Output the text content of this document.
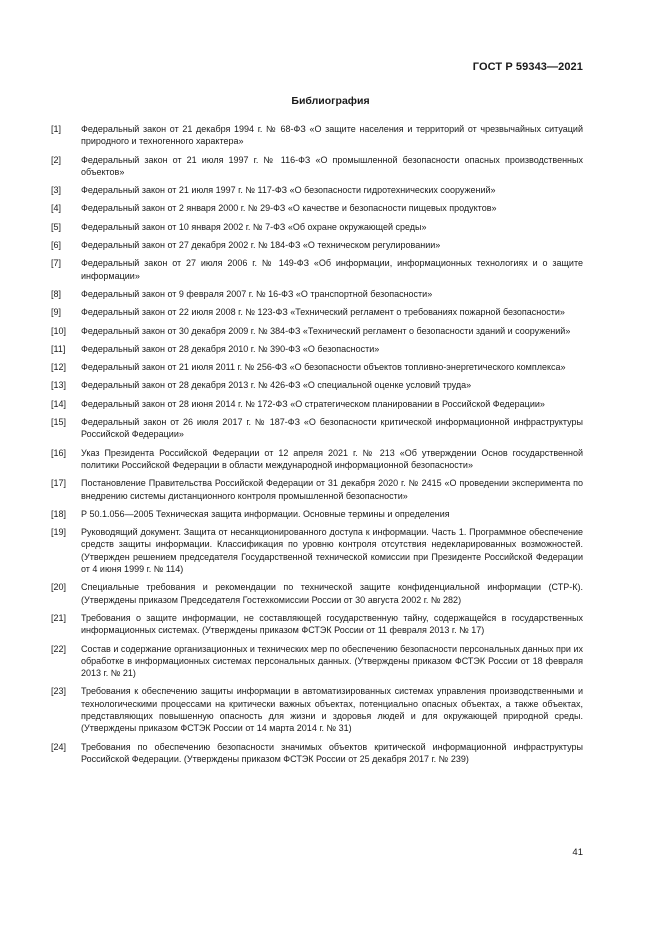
ГОСТ Р 59343—2021
Библиография
[1]	Федеральный закон от 21 декабря 1994 г. № 68-ФЗ «О защите населения и территорий от чрезвычайных ситуаций природного и техногенного характера»
[2]	Федеральный закон от 21 июля 1997 г. № 116-ФЗ «О промышленной безопасности опасных производственных объектов»
[3]	Федеральный закон от 21 июля 1997 г. № 117-ФЗ «О безопасности гидротехнических сооружений»
[4]	Федеральный закон от 2 января 2000 г. № 29-ФЗ «О качестве и безопасности пищевых продуктов»
[5]	Федеральный закон от 10 января 2002 г. № 7-ФЗ «Об охране окружающей среды»
[6]	Федеральный закон от 27 декабря 2002 г. № 184-ФЗ «О техническом регулировании»
[7]	Федеральный закон от 27 июля 2006 г. № 149-ФЗ «Об информации, информационных технологиях и о защите информации»
[8]	Федеральный закон от 9 февраля 2007 г. № 16-ФЗ «О транспортной безопасности»
[9]	Федеральный закон от 22 июля 2008 г. № 123-ФЗ «Технический регламент о требованиях пожарной безопасности»
[10]	Федеральный закон от 30 декабря 2009 г. № 384-ФЗ «Технический регламент о безопасности зданий и сооружений»
[11]	Федеральный закон от 28 декабря 2010 г. № 390-ФЗ «О безопасности»
[12]	Федеральный закон от 21 июля 2011 г. № 256-ФЗ «О безопасности объектов топливно-энергетического комплекса»
[13]	Федеральный закон от 28 декабря 2013 г. № 426-ФЗ «О специальной оценке условий труда»
[14]	Федеральный закон от 28 июня 2014 г. № 172-ФЗ «О стратегическом планировании в Российской Федерации»
[15]	Федеральный закон от 26 июля 2017 г. № 187-ФЗ «О безопасности критической информационной инфраструктуры Российской Федерации»
[16]	Указ Президента Российской Федерации от 12 апреля 2021 г. № 213 «Об утверждении Основ государственной политики Российской Федерации в области международной информационной безопасности»
[17]	Постановление Правительства Российской Федерации от 31 декабря 2020 г. № 2415 «О проведении эксперимента по внедрению системы дистанционного контроля промышленной безопасности»
[18]	Р 50.1.056—2005 Техническая защита информации. Основные термины и определения
[19]	Руководящий документ. Защита от несанкционированного доступа к информации. Часть 1. Программное обеспечение средств защиты информации. Классификация по уровню контроля отсутствия недекларированных возможностей. (Утвержден решением председателя Государственной технической комиссии при Президенте Российской Федерации от 4 июня 1999 г. № 114)
[20]	Специальные требования и рекомендации по технической защите конфиденциальной информации (СТР-К). (Утверждены приказом Председателя Гостехкомиссии России от 30 августа 2002 г. № 282)
[21]	Требования о защите информации, не составляющей государственную тайну, содержащейся в государственных информационных системах. (Утверждены приказом ФСТЭК России от 11 февраля 2013 г. № 17)
[22]	Состав и содержание организационных и технических мер по обеспечению безопасности персональных данных при их обработке в информационных системах персональных данных. (Утверждены приказом ФСТЭК России от 18 февраля 2013 г. № 21)
[23]	Требования к обеспечению защиты информации в автоматизированных системах управления производственными и технологическими процессами на критически важных объектах, потенциально опасных объектах, а также объектах, представляющих повышенную опасность для жизни и здоровья людей и для окружающей природной среды. (Утверждены приказом ФСТЭК России от 14 марта 2014 г. № 31)
[24]	Требования по обеспечению безопасности значимых объектов критической информационной инфраструктуры Российской Федерации. (Утверждены приказом ФСТЭК России от 25 декабря 2017 г. № 239)
41
